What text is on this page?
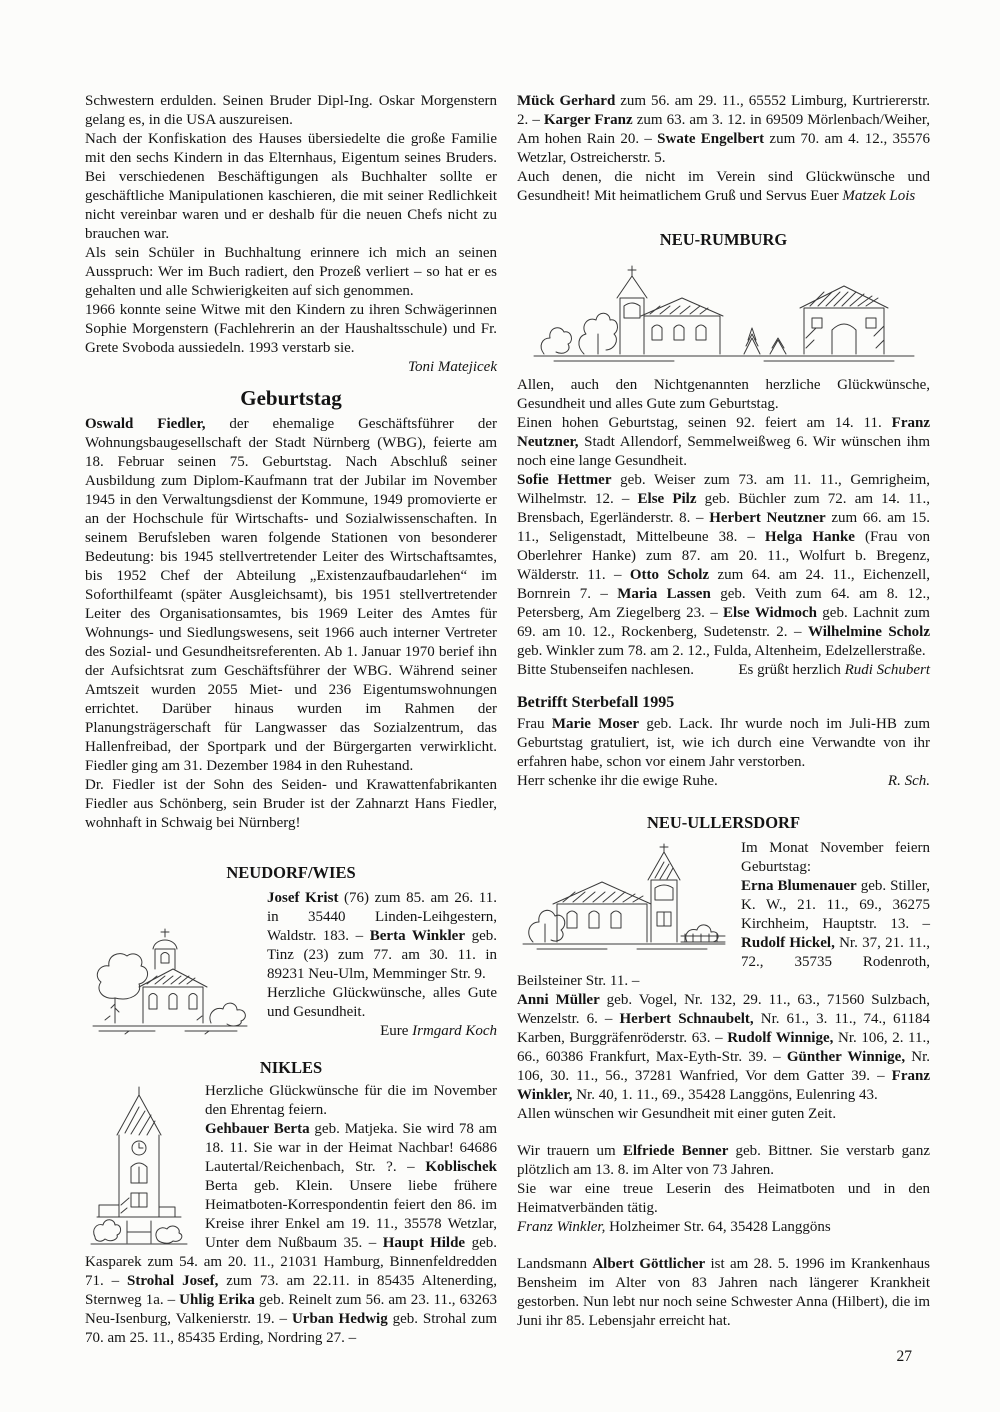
Schwestern erdulden. Seinen Bruder Dipl-Ing. Oskar Morgenstern gelang es, in die USA auszureisen.

Nach der Konfiskation des Hauses übersiedelte die große Familie mit den sechs Kindern in das Elternhaus, Eigentum seines Bruders. Bei verschiedenen Beschäftigungen als Buchhalter sollte er geschäftliche Manipulationen kaschieren, die mit seiner Redlichkeit nicht vereinbar waren und er deshalb für die neuen Chefs nicht zu brauchen war.

Als sein Schüler in Buchhaltung erinnere ich mich an seinen Ausspruch: Wer im Buch radiert, den Prozeß verliert – so hat er es gehalten und alle Schwierigkeiten auf sich genommen.

1966 konnte seine Witwe mit den Kindern zu ihren Schwägerinnen Sophie Morgenstern (Fachlehrerin an der Haushaltsschule) und Fr. Grete Svoboda aussiedeln. 1993 verstarb sie.

Toni Matejicek

Geburtstag

Oswald Fiedler, der ehemalige Geschäftsführer der Wohnungsbaugesellschaft der Stadt Nürnberg (WBG), feierte am 18. Februar seinen 75. Geburtstag. Nach Abschluß seiner Ausbildung zum Diplom-Kaufmann trat der Jubilar im November 1945 in den Verwaltungsdienst der Kommune, 1949 promovierte er an der Hochschule für Wirtschafts- und Sozialwissenschaften. In seinem Berufsleben waren folgende Stationen von besonderer Bedeutung: bis 1945 stellvertretender Leiter des Wirtschaftsamtes, bis 1952 Chef der Abteilung „Existenzaufbaudarlehen“ im Soforthilfeamt (später Ausgleichsamt), bis 1951 stellvertretender Leiter des Organisationsamtes, bis 1969 Leiter des Amtes für Wohnungs- und Siedlungswesens, seit 1966 auch interner Vertreter des Sozial- und Gesundheitsreferenten. Ab 1. Januar 1970 berief ihn der Aufsichtsrat zum Geschäftsführer der WBG. Während seiner Amtszeit wurden 2055 Miet- und 236 Eigentumswohnungen errichtet. Darüber hinaus wurden im Rahmen der Planungsträgerschaft für Langwasser das Sozialzentrum, das Hallenfreibad, der Sportpark und der Bürgergarten verwirklicht. Fiedler ging am 31. Dezember 1984 in den Ruhestand.

Dr. Fiedler ist der Sohn des Seiden- und Krawattenfabrikanten Fiedler aus Schönberg, sein Bruder ist der Zahnarzt Hans Fiedler, wohnhaft in Schwaig bei Nürnberg!

NEUDORF/WIES

Josef Krist (76) zum 85. am 26. 11. in 35440 Linden-Leihgestern, Waldstr. 183. – Berta Winkler geb. Tinz (23) zum 77. am 30. 11. in 89231 Neu-Ulm, Memminger Str. 9.

Herzliche Glückwünsche, alles Gute und Gesundheit.

Eure Irmgard Koch

NIKLES

Herzliche Glückwünsche für die im November den Ehrentag feiern.

Gehbauer Berta geb. Matjeka. Sie wird 78 am 18. 11. Sie war in der Heimat Nachbar! 64686 Lautertal/Reichenbach, Str. ?. – Koblischek Berta geb. Klein. Unsere liebe frühere Heimatboten-Korrespondentin feiert den 86. im Kreise ihrer Enkel am 19. 11., 35578 Wetzlar, Unter dem Nußbaum 35. – Haupt Hilde geb. Kasparek zum 54. am 20. 11., 21031 Hamburg, Binnenfeldredden 71. – Strohal Josef, zum 73. am 22.11. in 85435 Altenerding, Sternweg 1a. – Uhlig Erika geb. Reinelt zum 56. am 23. 11., 63263 Neu-Isenburg, Valkenierstr. 19. – Urban Hedwig geb. Strohal zum 70. am 25. 11., 85435 Erding, Nordring 27. –

Mück Gerhard zum 56. am 29. 11., 65552 Limburg, Kurtriererstr. 2. – Karger Franz zum 63. am 3. 12. in 69509 Mörlenbach/Weiher, Am hohen Rain 20. – Swate Engelbert zum 70. am 4. 12., 35576 Wetzlar, Ostreicherstr. 5.

Auch denen, die nicht im Verein sind Glückwünsche und Gesundheit! Mit heimatlichem Gruß und Servus Euer Matzek Lois

NEU-RUMBURG

Allen, auch den Nichtgenannten herzliche Glückwünsche, Gesundheit und alles Gute zum Geburtstag.

Einen hohen Geburtstag, seinen 92. feiert am 14. 11. Franz Neutzner, Stadt Allendorf, Semmelweißweg 6. Wir wünschen ihm noch eine lange Gesundheit.

Sofie Hettmer geb. Weiser zum 73. am 11. 11., Gemrigheim, Wilhelmstr. 12. – Else Pilz geb. Büchler zum 72. am 14. 11., Brensbach, Egerländerstr. 8. – Herbert Neutzner zum 66. am 15. 11., Seligenstadt, Mittelbeune 38. – Helga Hanke (Frau von Oberlehrer Hanke) zum 87. am 20. 11., Wolfurt b. Bregenz, Wälderstr. 11. – Otto Scholz zum 64. am 24. 11., Eichenzell, Bornrein 7. – Maria Lassen geb. Veith zum 64. am 8. 12., Petersberg, Am Ziegelberg 23. – Else Widmoch geb. Lachnit zum 69. am 10. 12., Rockenberg, Sudetenstr. 2. – Wilhelmine Scholz geb. Winkler zum 78. am 2. 12., Fulda, Altenheim, Edelzellerstraße.

Bitte Stubenseifen nachlesen.	Es grüßt herzlich Rudi Schubert
Betrifft Sterbefall 1995

Frau Marie Moser geb. Lack. Ihr wurde noch im Juli-HB zum Geburtstag gratuliert, ist, wie ich durch eine Verwandte von ihr erfahren habe, schon vor einem Jahr verstorben.

Herr schenke ihr die ewige Ruhe.	R. Sch.
NEU-ULLERSDORF

Im Monat November feiern Geburtstag:

Erna Blumenauer geb. Stiller, K. W., 21. 11., 69., 36275 Kirchheim, Hauptstr. 13. – Rudolf Hickel, Nr. 37, 21. 11., 72., 35735 Rodenroth, Beilsteiner Str. 11. –

Anni Müller geb. Vogel, Nr. 132, 29. 11., 63., 71560 Sulzbach, Wenzelstr. 6. – Herbert Schnaubelt, Nr. 61., 3. 11., 74., 61184 Karben, Burggräfenröderstr. 63. – Rudolf Winnige, Nr. 106, 2. 11., 66., 60386 Frankfurt, Max-Eyth-Str. 39. – Günther Winnige, Nr. 106, 30. 11., 56., 37281 Wanfried, Vor dem Gatter 39. – Franz Winkler, Nr. 40, 1. 11., 69., 35428 Langgöns, Eulenring 43.

Allen wünschen wir Gesundheit mit einer guten Zeit.

Wir trauern um Elfriede Benner geb. Bittner. Sie verstarb ganz plötzlich am 13. 8. im Alter von 73 Jahren.

Sie war eine treue Leserin des Heimatboten und in den Heimatverbänden tätig.

Franz Winkler, Holzheimer Str. 64, 35428 Langgöns

Landsmann Albert Göttlicher ist am 28. 5. 1996 im Krankenhaus Bensheim im Alter von 83 Jahren nach längerer Krankheit gestorben. Nun lebt nur noch seine Schwester Anna (Hilbert), die im Juni ihr 85. Lebensjahr erreicht hat.

27
